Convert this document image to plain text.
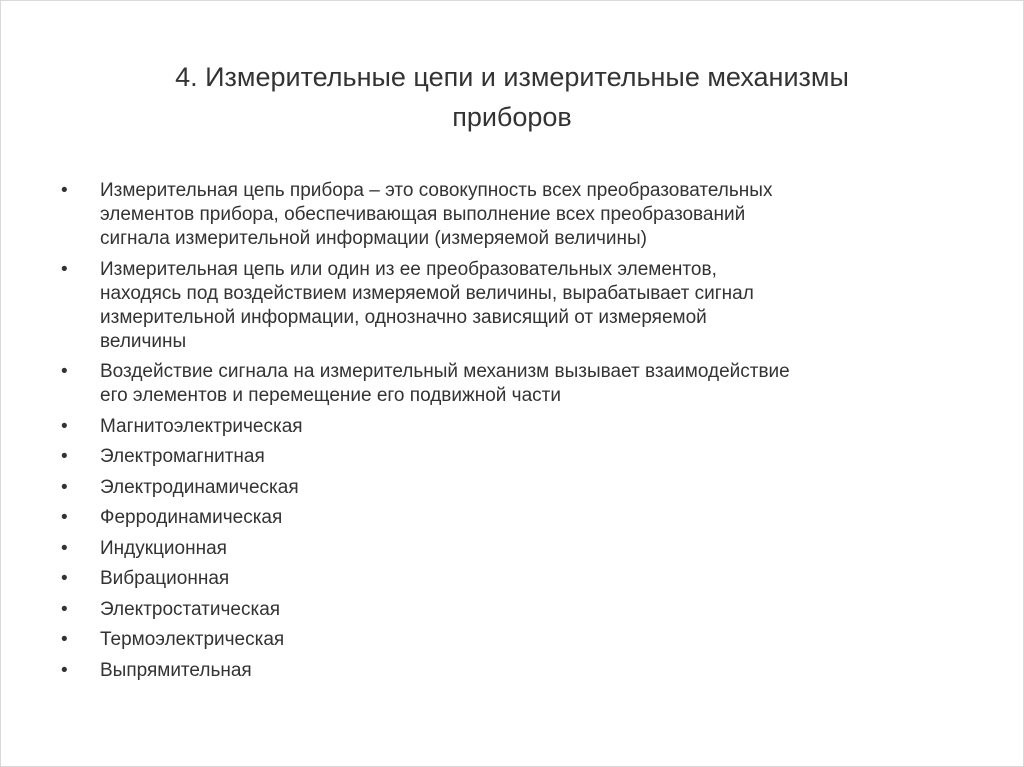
4. Измерительные цепи и измерительные механизмы
приборов
• Измерительная цепь прибора – это совокупность всех преобразовательных
элементов прибора, обеспечивающая выполнение всех преобразований
сигнала измерительной информации (измеряемой величины)
• Измерительная цепь или один из ее преобразовательных элементов,
находясь под воздействием измеряемой величины, вырабатывает сигнал
измерительной информации, однозначно зависящий от измеряемой
величины
• Воздействие сигнала на измерительный механизм вызывает взаимодействие
его элементов и перемещение его подвижной части
• Магнитоэлектрическая
• Электромагнитная
• Электродинамическая
• Ферродинамическая
• Индукционная
• Вибрационная
• Электростатическая
• Термоэлектрическая
• Выпрямительная
